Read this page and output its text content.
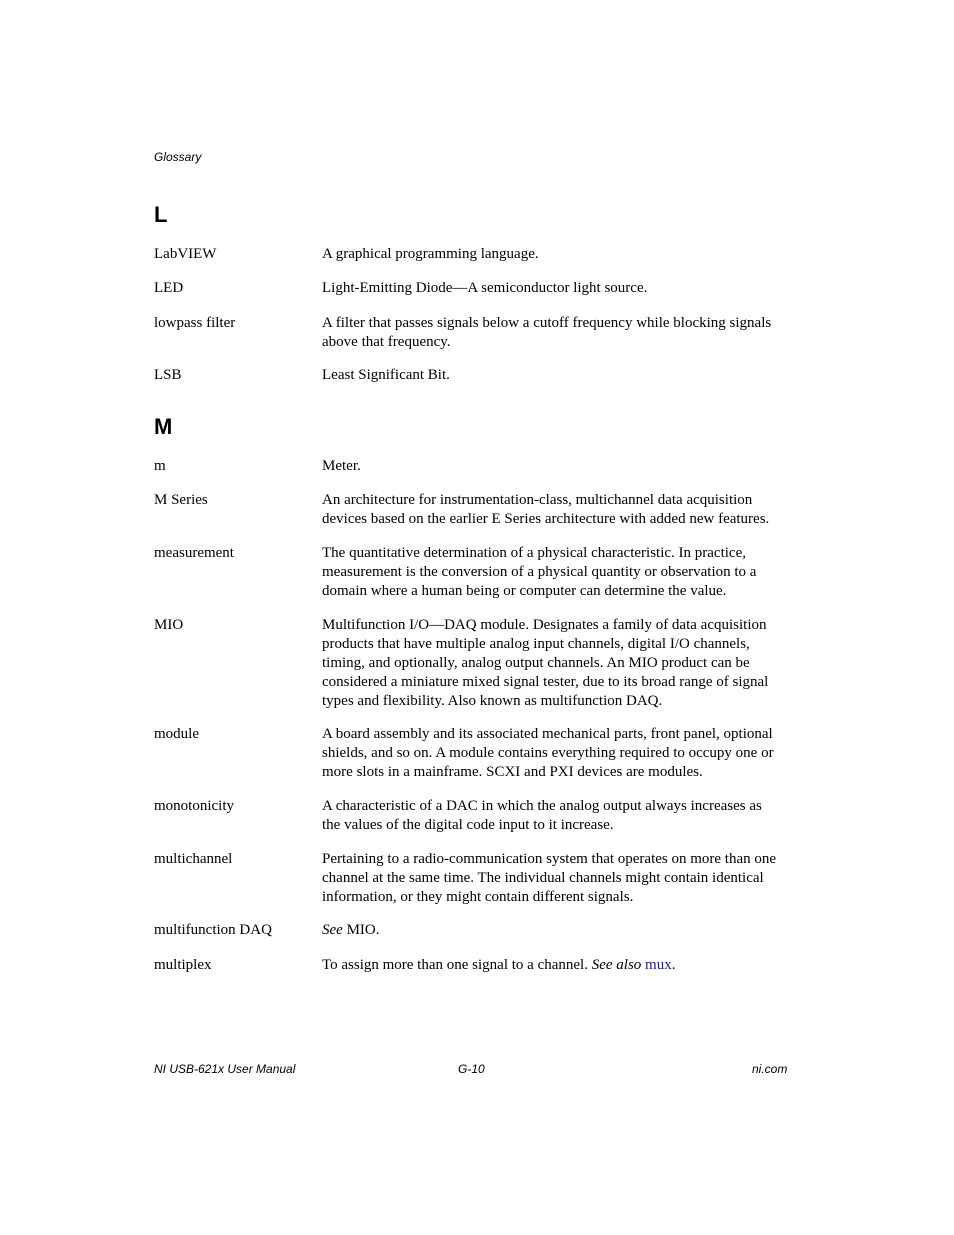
Glossary
L
LabVIEW	A graphical programming language.
LED	Light-Emitting Diode—A semiconductor light source.
lowpass filter	A filter that passes signals below a cutoff frequency while blocking signals
above that frequency.
LSB	Least Significant Bit.
M
m	Meter.
M Series	An architecture for instrumentation-class, multichannel data acquisition
devices based on the earlier E Series architecture with added new features.
measurement	The quantitative determination of a physical characteristic. In practice,
measurement is the conversion of a physical quantity or observation to a
domain where a human being or computer can determine the value.
MIO	Multifunction I/O—DAQ module. Designates a family of data acquisition
products that have multiple analog input channels, digital I/O channels,
timing, and optionally, analog output channels. An MIO product can be
considered a miniature mixed signal tester, due to its broad range of signal
types and flexibility. Also known as multifunction DAQ.
module	A board assembly and its associated mechanical parts, front panel, optional
shields, and so on. A module contains everything required to occupy one or
more slots in a mainframe. SCXI and PXI devices are modules.
monotonicity	A characteristic of a DAC in which the analog output always increases as
the values of the digital code input to it increase.
multichannel	Pertaining to a radio-communication system that operates on more than one
channel at the same time. The individual channels might contain identical
information, or they might contain different signals.
multifunction DAQ	See MIO.
multiplex	To assign more than one signal to a channel. See also mux.
NI USB-621x User Manual	G-10	ni.com
